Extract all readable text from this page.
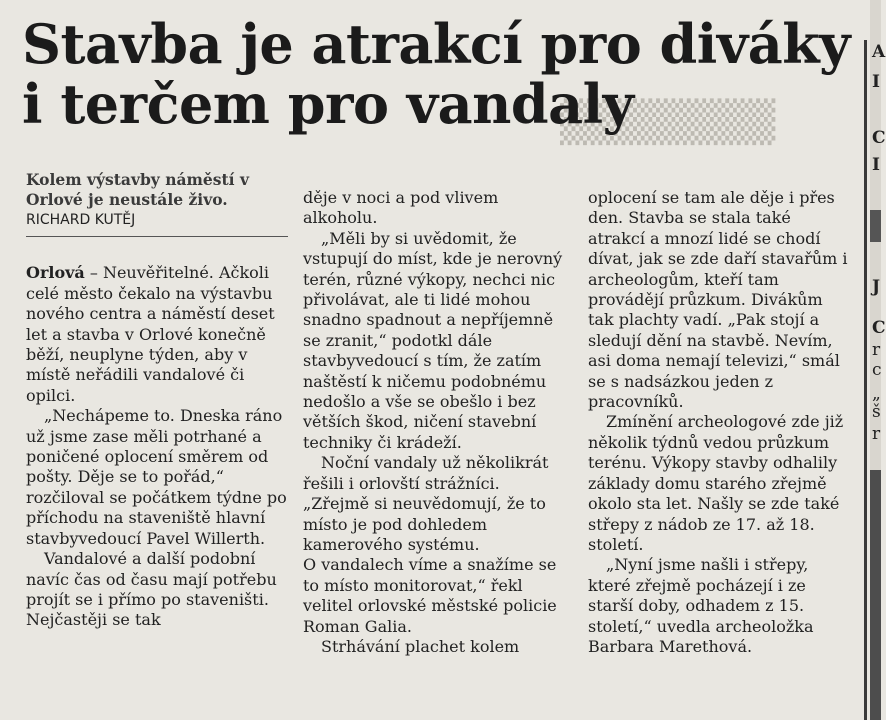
▒▒▒▒▒▒▒
Stavba je atrakcí pro diváky
i terčem pro vandaly

Kolem výstavby náměstí v Orlové je neustále živo.

RICHARD KUTĚJ

Orlová – Neuvěřitelné. Ačkoli celé město čekalo na výstavbu nového centra a náměstí deset let a stavba v Orlové konečně běží, neuplyne týden, aby v místě neřádili vandalové či opilci.

„Nechápeme to. Dneska ráno už jsme zase měli potrhané a poničené oplocení směrem od pošty. Děje se to pořád,“ rozčiloval se počátkem týdne po příchodu na staveniště hlavní stavbyvedoucí Pavel Willerth.

Vandalové a další podobní navíc čas od času mají potřebu projít se i přímo po staveništi. Nejčastěji se tak

děje v noci a pod vlivem alkoholu.

„Měli by si uvědomit, že vstupují do míst, kde je nerovný terén, různé výkopy, nechci nic přivolávat, ale ti lidé mohou snadno spadnout a nepříjemně se zranit,“ podotkl dále stavbyvedoucí s tím, že zatím naštěstí k ničemu podobnému nedošlo a vše se obešlo i bez větších škod, ničení stavební techniky či krádeží.

Noční vandaly už několikrát řešili i orlovští strážníci. „Zřejmě si neuvědomují, že to místo je pod dohledem kamerového systému.

O vandalech víme a snažíme se to místo monitorovat,“ řekl velitel orlovské městské policie Roman Galia.

Strhávání plachet kolem

oplocení se tam ale děje i přes den. Stavba se stala také atrakcí a mnozí lidé se chodí dívat, jak se zde daří stavařům i archeologům, kteří tam provádějí průzkum. Divákům tak plachty vadí. „Pak stojí a sledují dění na stavbě. Nevím, asi doma nemají televizi,“ smál se s nadsázkou jeden z pracovníků.

Zmínění archeologové zde již několik týdnů vedou průzkum terénu. Výkopy stavby odhalily základy domu starého zřejmě okolo sta let. Našly se zde také střepy z nádob ze 17. až 18. století.

„Nyní jsme našli i střepy, které zřejmě pocházejí i ze starší doby, odhadem z 15. století,“ uvedla archeoložka Barbara Marethová.

A
I
C
I
J
C
r
c
„
š
r
